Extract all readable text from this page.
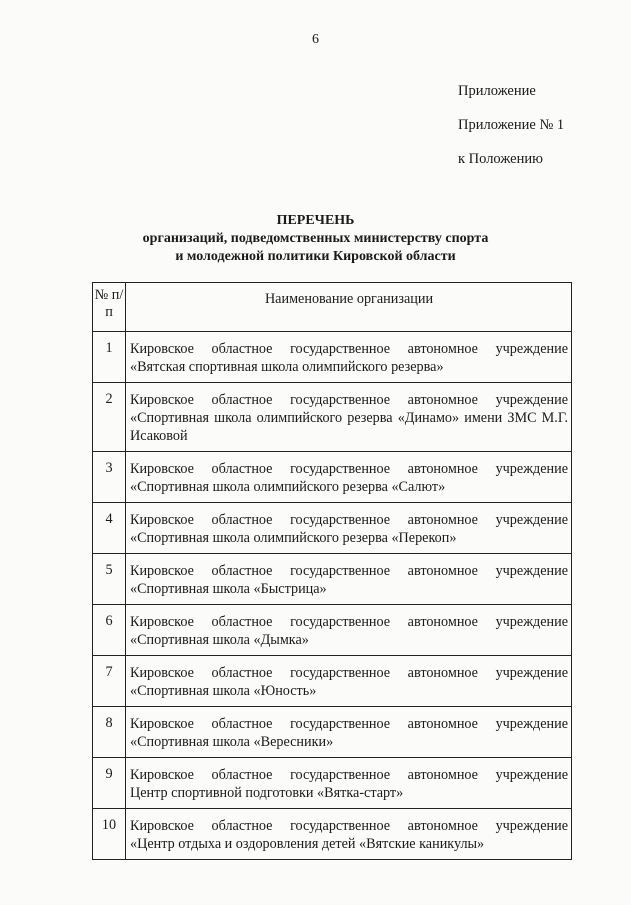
6
Приложение
Приложение № 1
к Положению
ПЕРЕЧЕНЬ
организаций, подведомственных министерству спорта
и молодежной политики Кировской области
№ п/п	Наименование организации
1	Кировское областное государственное автономное учреждение
«Вятская спортивная школа олимпийского резерва»

2	Кировское областное государственное автономное учреждение
«Спортивная школа олимпийского резерва «Динамо» имени ЗМС М.Г. Исаковой

3	Кировское областное государственное автономное учреждение
«Спортивная школа олимпийского резерва «Салют»

4	Кировское областное государственное автономное учреждение
«Спортивная школа олимпийского резерва «Перекоп»

5	Кировское областное государственное автономное учреждение
«Спортивная школа «Быстрица»

6	Кировское областное государственное автономное учреждение
«Спортивная школа «Дымка»

7	Кировское областное государственное автономное учреждение
«Спортивная школа «Юность»

8	Кировское областное государственное автономное учреждение
«Спортивная школа «Вересники»

9	Кировское областное государственное автономное учреждение
Центр спортивной подготовки «Вятка-старт»

10	Кировское областное государственное автономное учреждение
«Центр отдыха и оздоровления детей «Вятские каникулы»
